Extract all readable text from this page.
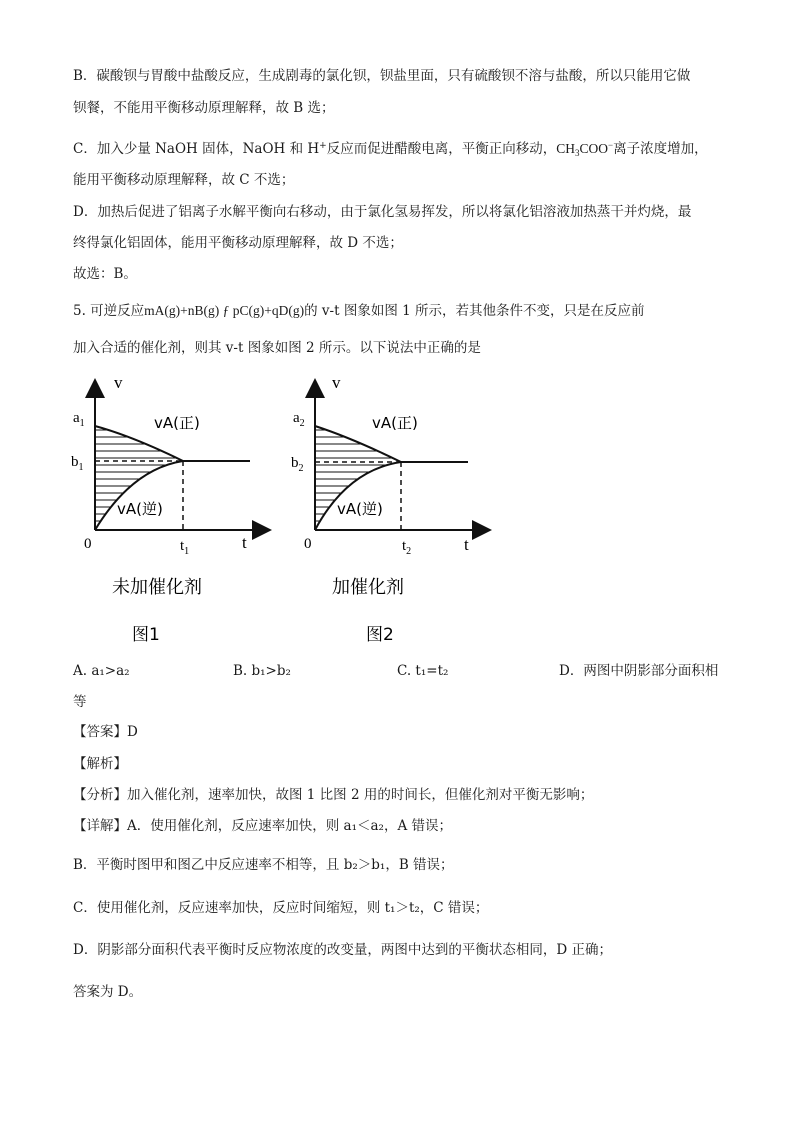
B．碳酸钡与胃酸中盐酸反应，生成剧毒的氯化钡，钡盐里面，只有硫酸钡不溶与盐酸，所以只能用它做
钡餐，不能用平衡移动原理解释，故 B 选；
C．加入少量 NaOH 固体，NaOH 和 H+反应而促进醋酸电离，平衡正向移动，$CH_3COO^-$离子浓度增加，
能用平衡移动原理解释，故 C 不选；
D．加热后促进了铝离子水解平衡向右移动，由于氯化氢易挥发，所以将氯化铝溶液加热蒸干并灼烧，最
终得氯化铝固体，能用平衡移动原理解释，故 D 不选；
故选：B。
5. 可逆反应mA(g)+nB(g) ƒ pC(g)+qD(g)的 v-t 图象如图 1 所示，若其他条件不变，只是在反应前
加入合适的催化剂，则其 v-t 图象如图 2 所示。以下说法中正确的是
v
t
0
$a_1$
$b_1$
$t_1$
vA(正)
vA(逆)
未加催化剂
图1
v
t
0
$a_2$
$b_2$
$t_2$
vA(正)
vA(逆)
加催化剂
图2
A. a₁>a₂	B. b₁>b₂	C. t₁=t₂	D．两图中阴影部分面积相
等
【答案】D
【解析】
【分析】加入催化剂，速率加快，故图 1 比图 2 用的时间长，但催化剂对平衡无影响；
【详解】A．使用催化剂，反应速率加快，则 a₁＜a₂，A 错误；
B．平衡时图甲和图乙中反应速率不相等，且 b₂＞b₁，B 错误；
C．使用催化剂，反应速率加快，反应时间缩短，则 t₁＞t₂，C 错误；
D．阴影部分面积代表平衡时反应物浓度的改变量，两图中达到的平衡状态相同，D 正确；
答案为 D。
